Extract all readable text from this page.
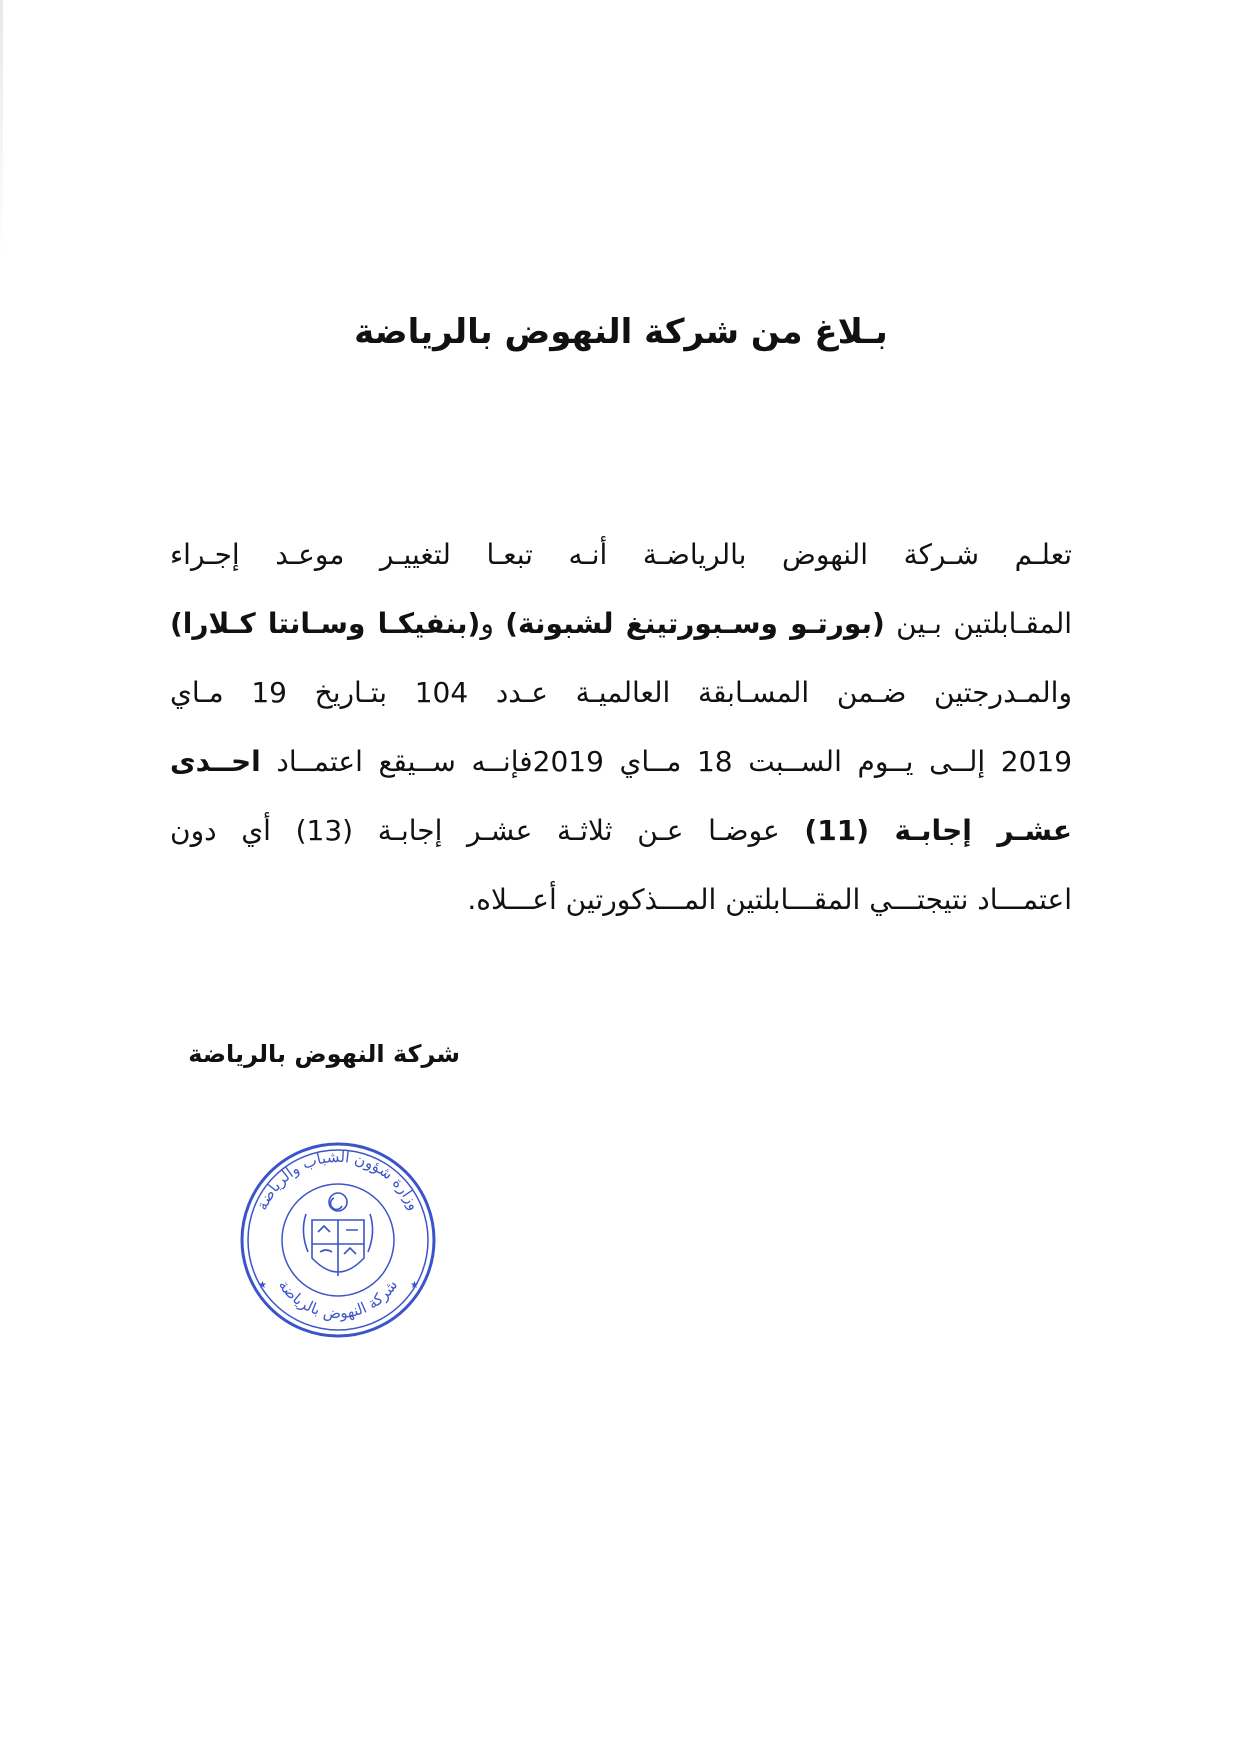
بـلاغ من شركة النهوض بالرياضة
تعلـم شـركة النهوض بالرياضـة أنـه تبعـا لتغييـر موعـد إجـراء
المقـابلتين بـين (بورتـو وسـبورتينغ لشبونة) و(بنفيكـا وسـانتا كـلارا)
والمـدرجتين ضـمن المسـابقة العالميـة عـدد 104 بتـاريخ 19 مـاي
2019 إلــى يــوم الســبت 18 مــاي 2019فإنــه ســيقع اعتمــاد احــدى
عشـر إجابـة (11) عوضـا عـن ثلاثـة عشـر إجابـة (13) أي دون
اعتمـــاد نتيجتـــي المقـــابلتين المـــذكورتين أعـــلاه.
شركة النهوض بالرياضة
وزارة شؤون الشباب والرياضة
شركة النهوض بالرياضة
★	★
